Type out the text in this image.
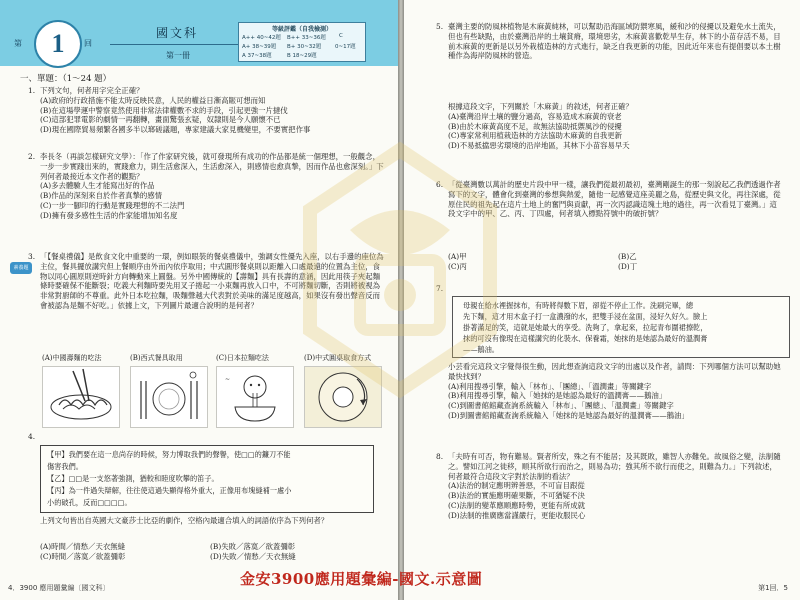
第	1	回
國文科
第一冊
等級評鑑（自我檢測）
A++ 40~42題 B++ 33~36題 C
A+ 38~39題 B+ 30~32題	0~17題
A 37~38題	B 18~29題
一、單題：（1～24 題）
1. 下列文句，何者用字完全正確？
(A)政府的行政措施不能太時反映民意，人民的權益日漸高賑可想而知
(B)在這場學運中警察竟然使用非常法律權數不求的手段，引起更強一片撻伐
(C)這部犯罪電影的劇情一再翻轉，畫面驚張玄疑，奴隸則是今人願懷不已
(D)現在國際貿易頻繁各國多半以瑯磋議題，專家建議大家見機變里，不要實把作事
2. 李長冬（再談怎樣研究文學）：「作了作家研究後，就可發現所有成功的作品都是統一個理想，一般觀念，一步一步實踐出來的，實踐愈力，則生活愈深入，生活愈深入，則感情也愈真摯，因而作品也愈深刻。」下列何者最接近本文作者的觀點？
(A)多去體驗人生才能寫出好的作品
(B)作品的深刻來自於作者真摯的感情
(C)一步一腳印的行動是實踐理想的不二法門
(D)擁有發多感性生活的作家能增加知名度
素養題
3. 「【餐桌禮儀】是飲食文化中重要的一環，例如眼裝的餐桌禮儀中，強調女性優先入座，以右手邊的座位為主位，餐具擺放講究但上餐順序由外而內依序取用；中式圓形餐桌則以距離入口處最遠的位置為主位，食物以同心圓原則逆時針方向轉動來上圓盤。另外中國傳統的【壽麵】具有長壽的意涵，因此用筷子夾起麵條時要確保不能斷裂；吃義大利麵時要先用叉子捲起一小束麵再放入口中，不可將麵切斷，否則將被視為非常對廚師的不尊重。此外日本吃拉麵，吸麵聲越大代表對於美味的滿足度越高，如果沒有發出聲音反而會被認為是麵不好吃。」依據上文，下列圖片最適合說明的是何者？
(A)中國壽麵的吃法	(B)西式餐具取用	(C)日本拉麵吃法	(D)中式圓桌取食方式
~
4.
【甲】我們要在這一息尚存的時候，努力博取我們的聲譽，使□□的鐮刀不能
傷害我們。
【乙】□□是一支悠著強測，猶較和睦度吹攀的笛子。
【丙】為一件過失辯解，往往使這過失顯得格外重大，正像用布塊縫補一處小
小的破孔，反而□□□□。
上列文句皆出自英國大文豪莎士比亞的劇作，空格內最適合填入的詞語依序為下列何者？
(A)時間／情愁／天衣無縫
(C)時間／落寞／欲蓋彌彰
(B)失敗／落寞／欲蓋彌彰
(D)失敗／情愁／天衣無縫
4．3900 應用題彙編〔國文科〕
5. 臺灣主要的防風林植物是木麻黃純林，可以幫助沿海區域防禦寒風，緩和沙的侵擾以及避免水土流失，但也有些缺點，由於臺灣沿岸的土壤貧瘠，環境惡劣，木麻黃喜歡乾旱生存，林下的小苗存活不易，目前木麻黃的更新是以另外栽植造林的方式進行，缺乏自我更新的功能，因此近年來也有提倡要以本土樹種作為海岸防風林的營造。
根據這段文字，下列關於「木麻黃」的敘述，何者正確？
(A)臺灣沿岸土壤的鹽分過高，容易造成木麻黃的衰老
(B)由於木麻黃高度不足，故無法協助抵禦風沙的侵擾
(C)專家常利用植栽造林的方法協助木麻黃的自我更新
(D)不易抵擋惡劣環境的沿岸地區，其林下小苗容易早夭
6. 「從臺灣數以萬計的歷史片段中甲一樣，讓我們從最初最初，臺灣剛誕生的那一刻說起乙我們透過作者寫下的文字，體會化到臺灣的參想與熱愛，隨他一起感覺這座美麗之島，從歷史與文化，再往深處，從原住民的祖先起在這片土地上的奮鬥與貢獻，再一次丙認識這塊土地的過往，再一次看見丁臺灣。」這段文字中的甲、乙、丙、丁四處，何者填入標點符號中的破折號？
(A)甲
(C)丙
(B)乙
(D)丁
7.
母親在給水裡握抹布，有時將得數下眉，卻從不停止工作。洗刷完畢，總
先下麵，這才用木盒子打一盒濃潑的水，把雙手浸在盆面，浸好久好久。臉上
掛著滿足的笑，這就是她最大的享受。洗夠了，拿起來，拉起青布圍裙擦乾，
抹的可沒有像現在這樣講究的化裝水、保養霜，她抹的是她認為最好的溫潤膏
——鵝油。
小芸看完這段文字覺得很生動，因此想查詢這段文字的出處以及作者，請問：下列哪個方法可以幫助她最快找到？
(A)利用搜尋引擎，輸入「林布」、「團總」、「溫潤畫」等關鍵字
(B)利用搜尋引擎，輸入「她抹的是她認為最好的溫潤膏——鵝油」
(C)到圖書館館藏查詢系統輸入「林布」、「團總」、「溫潤畫」等關鍵字
(D)到圖書館館藏查詢系統輸入「她抹的是她認為最好的溫潤膏——鵝油」
8. 「夫時有可否，物有難易。賢者所安，殊之有不能居；及其既敗，雖智人亦難免。故風俗之變，法制隨之。譬如江河之徙移，順其所欲行而治之，則易為功；強其所不欲行而使之，則難為力。」下列敘述，何者最符合這段文字對於法制的看法？
(A)法治的制定應明辨善惡，不可盲目跟從
(B)法治的實施應明確果斷，不可猶疑不決
(C)法制的變革應順應時勢，更能有所成就
(D)法制的推廣應當謹嚴行，更能收服民心
第1回．5
金安3900應用題彙編-國文.示意圖
